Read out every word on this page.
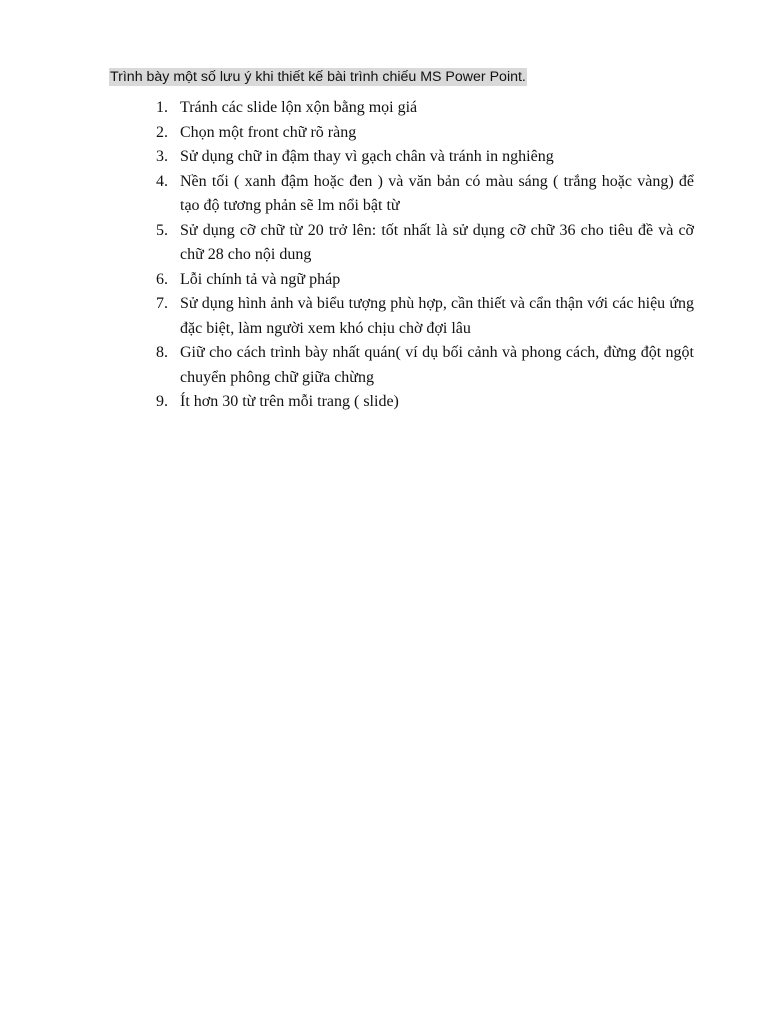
Trình bày một số lưu ý khi thiết kế bài trình chiếu MS Power Point.
1. Tránh các slide lộn xộn bằng mọi giá
2. Chọn một front chữ rõ ràng
3. Sử dụng chữ in đậm thay vì gạch chân và tránh in nghiêng
4. Nền tối ( xanh đậm hoặc đen ) và văn bản có màu sáng ( trắng hoặc vàng) để tạo độ tương phản sẽ lm nổi bật từ
5. Sử dụng cỡ chữ từ 20 trở lên: tốt nhất là sử dụng cỡ chữ 36 cho tiêu đề và cỡ chữ 28 cho nội dung
6. Lỗi chính tả và ngữ pháp
7. Sử dụng hình ảnh và biểu tượng phù hợp, cần thiết và cẩn thận với các hiệu ứng đặc biệt, làm người xem khó chịu chờ đợi lâu
8. Giữ cho cách trình bày nhất quán( ví dụ bối cảnh và phong cách, đừng đột ngột chuyển phông chữ giữa chừng
9. Ít hơn 30 từ trên mỗi trang ( slide)
